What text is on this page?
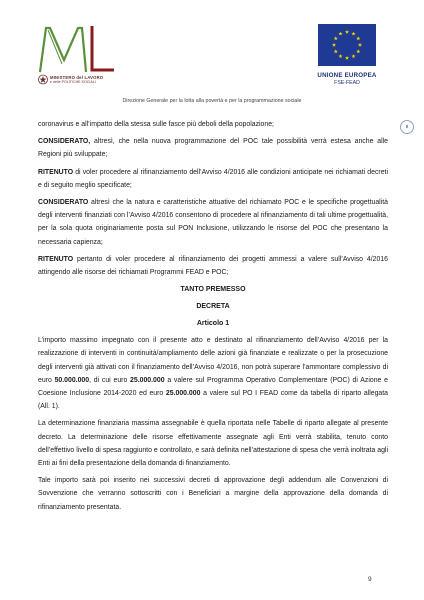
MINISTERO del LAVORO
e delle POLITICHE SOCIALI
UNIONE EUROPEA
FSE-FEAD
Direzione Generale per la lotta alla povertà e per la programmazione sociale
9

coronavirus e all’impatto della stessa sulle fasce più deboli della popolazione;

CONSIDERATO, altresì, che nella nuova programmazione del POC tale possibilità verrà estesa anche alle Regioni più sviluppate;

RITENUTO di voler procedere al rifinanziamento dell’Avviso 4/2016 alle condizioni anticipate nei richiamati decreti e di seguito meglio specificate;

CONSIDERATO altresì che la natura e caratteristiche attuative del richiamato POC e le specifiche progettualità degli interventi finanziati con l’Avviso 4/2016 consentono di procedere al rifinanziamento di tali ultime progettualità, per la sola quota originariamente posta sul PON Inclusione, utilizzando le risorse del POC che presentano la necessaria capienza;

RITENUTO pertanto di voler procedere al rifinanziamento dei progetti ammessi a valere sull’Avviso 4/2016 attingendo alle risorse dei richiamati Programmi FEAD e POC;

TANTO PREMESSO

DECRETA

Articolo 1

L’importo massimo impegnato con il presente atto e destinato al rifinanziamento dell’Avviso 4/2016 per la realizzazione di interventi in continuità/ampliamento delle azioni già finanziate e realizzate o per la prosecuzione degli interventi già attivati con il finanziamento dell’Avviso 4/2016, non potrà superare l’ammontare complessivo di euro 50.000.000, di cui euro 25.000.000 a valere sul Programma Operativo Complementare (POC) di Azione e Coesione Inclusione 2014-2020 ed euro 25.000.000 a valere sul PO I FEAD come da tabella di riparto allegata (All. 1).

La determinazione finanziaria massima assegnabile è quella riportata nelle Tabelle di riparto allegate al presente decreto. La determinazione delle risorse effettivamente assegnate agli Enti verrà stabilita, tenuto conto dell’effettivo livello di spesa raggiunto e controllato, e sarà definita nell’attestazione di spesa che verrà inoltrata agli Enti ai fini della presentazione della domanda di finanziamento.

Tale importo sarà poi inserito nei successivi decreti di approvazione degli addendum alle Convenzioni di Sovvenzione che verranno sottoscritti con i Beneficiari a margine della approvazione della domanda di rifinanziamento presentata.

9
